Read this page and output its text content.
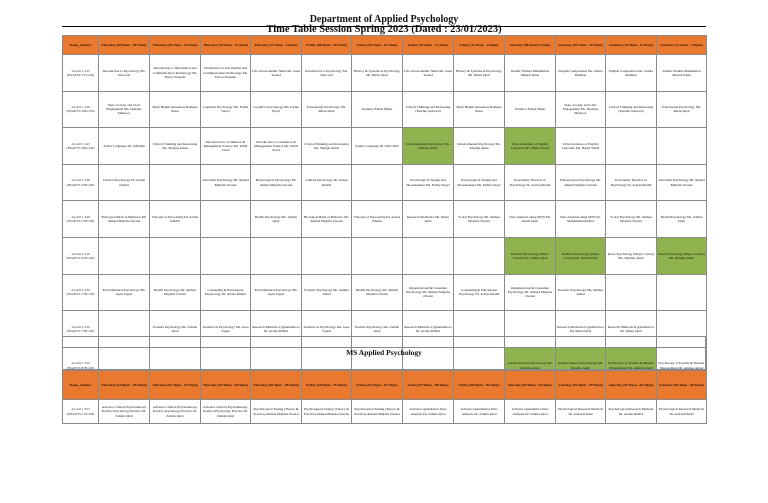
Department of Applied Psychology
Time Table Session Spring 2023 (Dated : 23/01/2023)
Room_number	Thursday (08:00am - 09:15am)	Thursday (09:15am - 10:30am)	Thursday (10:30am - 11:45am)	Thursday (11:45am - 1:00pm)	Friday (08:00am - 09:15am)	Friday (09:15am - 10:30am)	Friday (10:30am - 11:45am)	Friday (11:45am - 1:00pm)	Saturday (08:00am-9:15am)	Saturday (09:15am - 10:30am)	Saturday (10:30am - 11:45am)	Saturday (11:45am - 1:00pm)
ACAD 1-235 (BSAPSY-1ST-2M)	Introduction to Psychology Ms. Sana Gul	Introduction to Information and Communication Technology Ms. Farwa Waseem	Introduction to Information and Communication Technology Ms. Farwa Waseem	Life and Academic Skills Ms. Sana Yousaf	Introduction to Psychology Ms. Sana Gul	History & Systems in Psychology Mr. Imran Iqbal	Life and Academic Skills Ms. Sana Yousaf	History & Systems in Psychology Mr. Imran Iqbal	Islamic Studies Muhammad Muzzal Khan	English Composition Ms. Samra Rehman	English Composition Ms. Samra Rehman	Islamic Studies Muhammad Muzzal Khan
ACAD 1-236 (BSAPSY-2ND-2M)	State, Society and Civic Engagement Ms. Shabana Manzoor	Basic Health Awareness Rasheen Nasar	Cognitive Psychology Ms. Fariha Naqvi	Cognitive Psychology Ms. Fariha Naqvi	Educational Psychology Ms. Imran Iqbal	Statistics Fahad Munir	Critical Thinking and Reasoning (Teacher replaced)	Basic Health Awareness Rasheen Nasar	Statistics Fahad Munir	State, Society and Civic Engagement Ms. Shabana Manzoor	Critical Thinking and Reasoning (Teacher replaced)	Educational Psychology Ms. Imran Iqbal
ACAD 1-345 (BSAPSY-3RD-2M)	Arabic Language Dr. Safiullah	Critical Thinking and Reasoning Ms. Shafqat Aman	Introduction to Commerce & Management Science Mr. Tufail Javed	Introduction to Commerce & Management Science Mr. Tufail Javed	Critical Thinking and Reasoning Ms. Shafqat Aman	Arabic Language Dr. Safia Idris	Developmental Psychology Ms. Khadija Amin	Developmental Psychology Ms. Khadija Amin	Urdu Literature or English Literature Ms. Huma Sharif	Urdu Literature or English Literature Ms. Huma Sharif		
ACAD 1-348 (BSAPSY-4TH-2M)	Clinical Psychology Dr. Arslan Khalid		Abnormal Psychology Mr. Ahmed Mujtaba Owaisi	Physiological Psychology Mr. Ahmed Mujtaba Owaisi	Clinical Psychology Dr. Arslan Khalid		Psychological Testing and Measurement Ms. Fariha Naqvi	Psychological Testing and Measurement Ms. Fariha Naqvi	Personality Theories in Psychology Dr. Arslan Khalid	Physiological Psychology Mr. Ahmed Mujtaba Owaisi	Personality Theories in Psychology Dr. Arslan Khalid	Abnormal Psychology Mr. Ahmed Mujtaba Owaisi
ACAD 1-349 (BSAPSY-5TH-2M)	Biological Basis of Behavior Mr. Ahmed Mujtaba Owaisi	Theories of Personality Dr. Arslan Khalid		Health Psychology Ms. Zahida Iqbal	Biological Basis of Behavior Mr. Ahmed Mujtaba Owaisi	Theories of Personality Dr. Arslan Khalid	Research Methods-I Mr. Imran Iqbal	Social Psychology Mr. Ahmed Mujtaba Owaisi	Data Analysis using SPSS Mr. Imran Iqbal	Data Analysis using SPSS Dr. Muhammad Rashid	Social Psychology Mr. Ahmed Mujtaba Owaisi	Health Psychology Ms. Zahida Iqbal
ACAD 2-229 (BSAPSY-6TH-2M)									Positive Psychology (Major Course) Ms. Zahida Iqbal	Positive Psychology (Major Course) Ms. Zahida Iqbal	Peace Psychology (Major Course) Ms. Khadija Amin	Peace Psychology (Major Course) Ms. Khadija Amin
ACAD 2-230 (BSAPSY-7TH-1M)	Environmental Psychology Ms. Aqsa Sajjad	Health Psychology Mr. Ahmed Mujtaba Owaisi	Counseling & Educational Psychology Dr. Arslan Khalid	Environmental Psychology Ms. Aqsa Sajjad	Forensic Psychology Mr. Ammar Amad	Health Psychology Mr. Ahmed Mujtaba Owaisi	Organizational & Consumer Psychology Mr. Ahmed Mujtaba Owaisi	Counseling & Educational Psychology Dr. Arslan Khalid	Organizational & Consumer Psychology Mr. Ahmed Mujtaba Owaisi	Forensic Psychology Ms. Ammar Amad		
ACAD 2-230 (BSAPSY-7TH-2M)		Positive Psychology Ms. Zahida Iqbal	Statistics in Psychology Ms. Aqsa Sajjad	Research Methods-I (Quantitative) Dr. Arslan Khalid	Statistics in Psychology Ms. Aqsa Sajjad	Positive Psychology Ms. Zahida Iqbal	Research Methods-I (Quantitative) Dr. Arslan Khalid			Research Methods-II (Qualitative) Mr. Imran Iqbal	Research Methods-II (Qualitative) Mr. Imran Iqbal	
ACAD 1-350 (BSAPSY-8TH-2M)									Gender Issues in Psychology Ms. Khadija Amin	Gender Issues in Psychology Ms. Khadija Amin	Psychology of Trauma & Disaster Management Mr. Ammar Amad	Psychology of Trauma & Disaster Management Mr. Ammar Amad
MS Applied Psychology
Room_number	Thursday (04:00pm - 05:30pm)	Thursday (05:30pm - 07:00pm)	Thursday (07:00pm - 08:30pm)	Thursday (08:30pm - 09:30pm)	Friday (04:00pm - 05:30pm)	Friday (05:30pm - 07:00pm)	Friday (07:00pm - 08:30pm)	Friday (08:30pm - 09:30pm)	Saturday (04:00pm - 05:30pm)	Saturday (05:30pm - 07:00pm)	Saturday (07:00pm - 08:30pm)	Saturday (08:30pm - 09:30pm)
ACAD 1-353 (MSAPSY-1ST-2M)	Advance Clinical Psychotherapy Positive Psychology Practice Dr. Zahida Iqbal	Advance Clinical Psychotherapy Positive Psychology Practice Dr. Zahida Iqbal	Advance Clinical Psychotherapy Positive Psychology Practice Dr. Zahida Iqbal	Psychological Testing (Theory & Practice) Ahmed Mujtaba Owaisi	Psychological Testing (Theory & Practice) Ahmed Mujtaba Owaisi	Psychological Testing (Theory & Practice) Ahmed Mujtaba Owaisi	Advance Quantitative Data Analysis Dr. Zahida Iqbal	Advance Quantitative Data Analysis Dr. Zahida Iqbal	Advance Quantitative Data Analysis Dr. Zahida Iqbal	Psychological Research Methods Dr. Arslan Khalid	Psychological Research Methods Dr. Arslan Khalid	Psychological Research Methods Dr. Arslan Khalid
